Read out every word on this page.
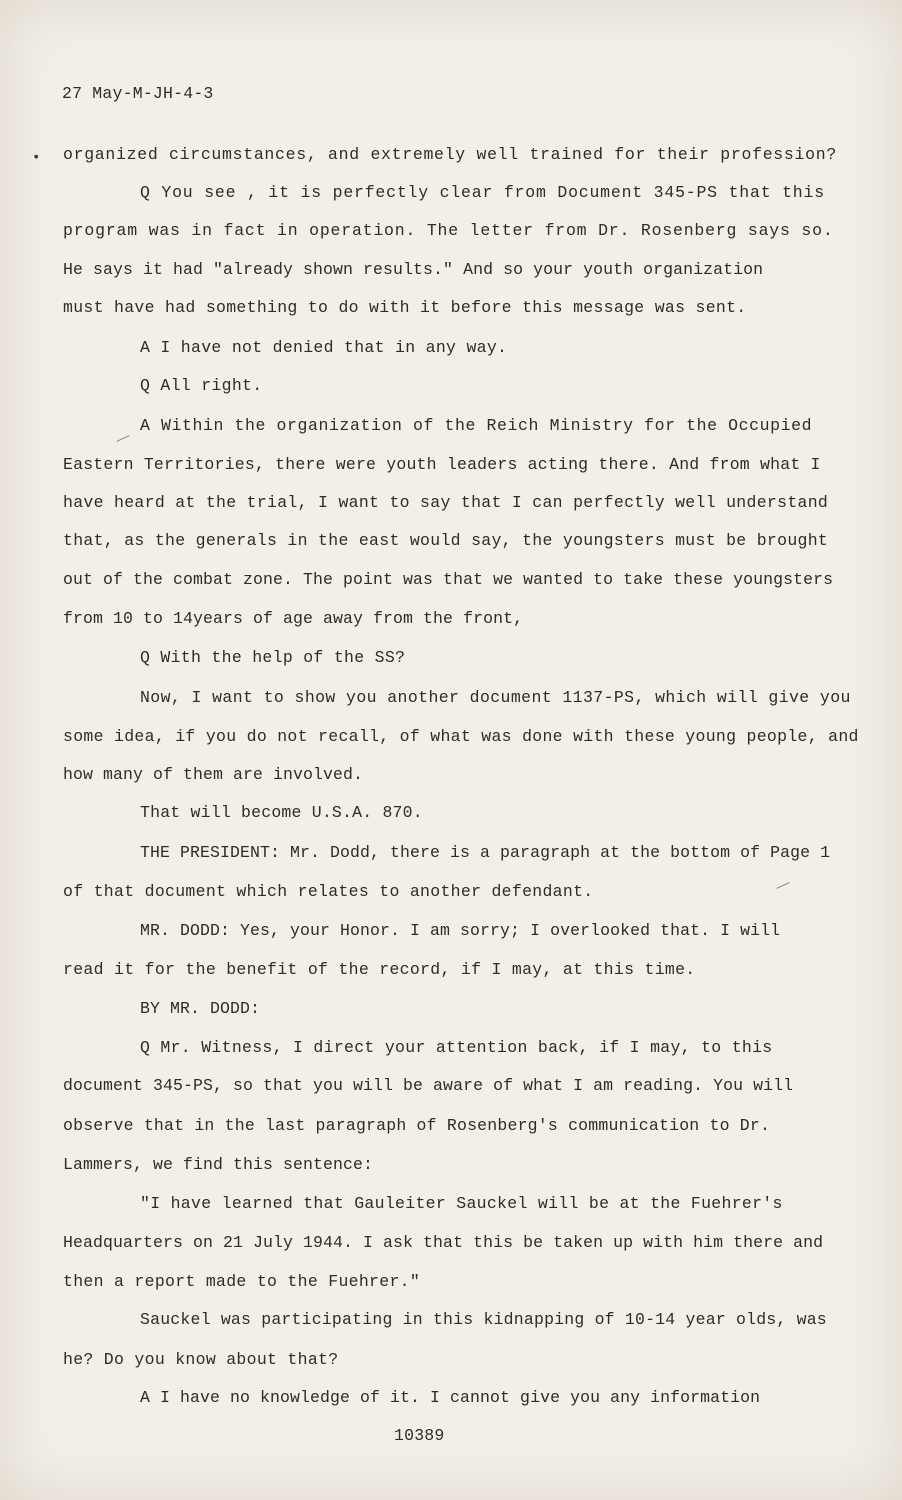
27 May-M-JH-4-3
• organized circumstances, and extremely well trained for their profession?
Q You see , it is perfectly clear from Document 345-PS that this
program was in fact in operation. The letter from Dr. Rosenberg says so.
He says it had "already shown results." And so your youth organization
must have had something to do with it before this message was sent.
A I have not denied that in any way.
Q All right.
A Within the organization of the Reich Ministry for the Occupied
Eastern Territories, there were youth leaders acting there. And from what I
have heard at the trial, I want to say that I can perfectly well understand
that, as the generals in the east would say, the youngsters must be brought
out of the combat zone. The point was that we wanted to take these youngsters
from 10 to 14years of age away from the front,
Q With the help of the SS?
Now, I want to show you another document 1137-PS, which will give you
some idea, if you do not recall, of what was done with these young people, and
how many of them are involved.
That will become U.S.A. 870.
THE PRESIDENT: Mr. Dodd, there is a paragraph at the bottom of Page 1
of that document which relates to another defendant.
MR. DODD: Yes, your Honor. I am sorry; I overlooked that. I will
read it for the benefit of the record, if I may, at this time.
BY MR. DODD:
Q Mr. Witness, I direct your attention back, if I may, to this
document 345-PS, so that you will be aware of what I am reading. You will
observe that in the last paragraph of Rosenberg's communication to Dr.
Lammers, we find this sentence:
"I have learned that Gauleiter Sauckel will be at the Fuehrer's
Headquarters on 21 July 1944. I ask that this be taken up with him there and
then a report made to the Fuehrer."
Sauckel was participating in this kidnapping of 10-14 year olds, was
he? Do you know about that?
A I have no knowledge of it. I cannot give you any information
10389
